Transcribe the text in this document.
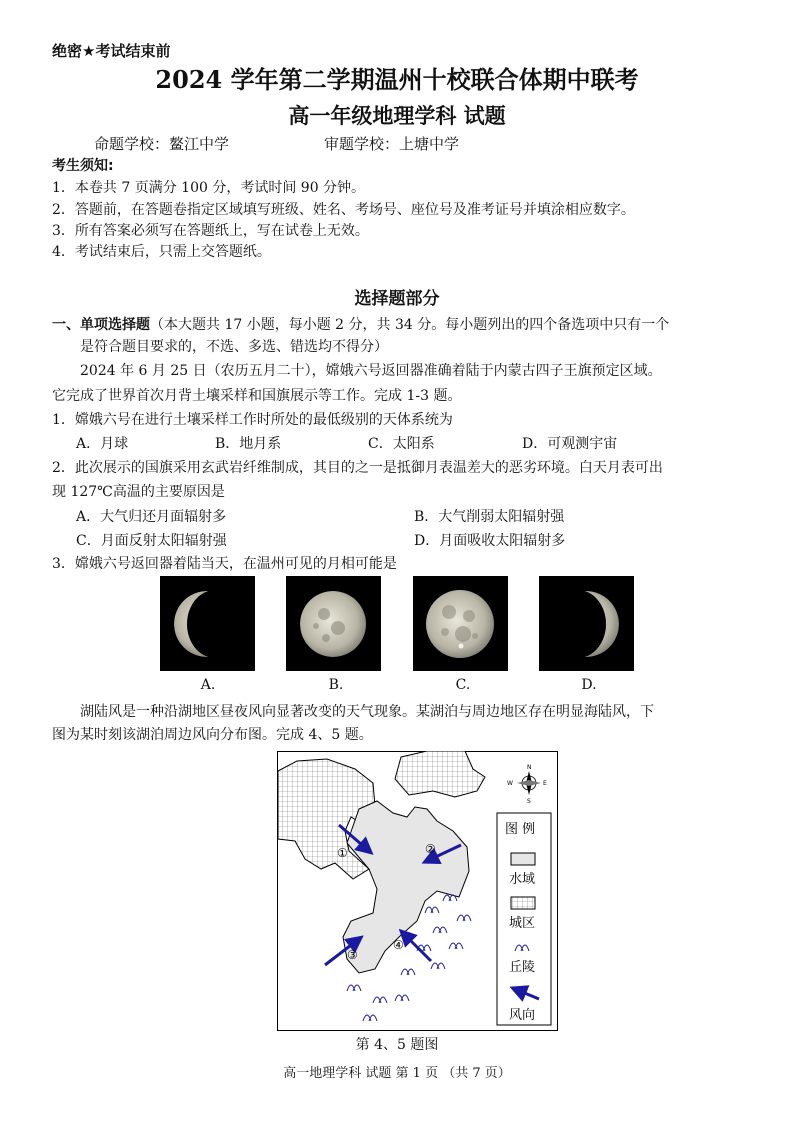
绝密★考试结束前
2024 学年第二学期温州十校联合体期中联考
高一年级地理学科 试题
命题学校：鳌江中学	审题学校：上塘中学
考生须知:
1．本卷共 7 页满分 100 分，考试时间 90 分钟。
2．答题前，在答题卷指定区域填写班级、姓名、考场号、座位号及准考证号并填涂相应数字。
3．所有答案必须写在答题纸上，写在试卷上无效。
4．考试结束后，只需上交答题纸。
选择题部分
一、单项选择题（本大题共 17 小题，每小题 2 分，共 34 分。每小题列出的四个备选项中只有一个
是符合题目要求的，不选、多选、错选均不得分）
2024 年 6 月 25 日（农历五月二十），嫦娥六号返回器准确着陆于内蒙古四子王旗预定区域。
它完成了世界首次月背土壤采样和国旗展示等工作。完成 1-3 题。
1．嫦娥六号在进行土壤采样工作时所处的最低级别的天体系统为
A．月球	B．地月系	C．太阳系	D．可观测宇宙
2．此次展示的国旗采用玄武岩纤维制成，其目的之一是抵御月表温差大的恶劣环境。白天月表可出
现 127℃高温的主要原因是
A．大气归还月面辐射多	B．大气削弱太阳辐射强
C．月面反射太阳辐射强	D．月面吸收太阳辐射多
3．嫦娥六号返回器着陆当天，在温州可见的月相可能是
A.	B.	C.	D.
湖陆风是一种沿湖地区昼夜风向显著改变的天气现象。某湖泊与周边地区存在明显海陆风，下
图为某时刻该湖泊周边风向分布图。完成 4、5 题。
①	②
③
④
N
S
E
W
图 例
水域
城区
丘陵
风向
第 4、5 题图
高一地理学科 试题 第 1 页 （共 7 页）
